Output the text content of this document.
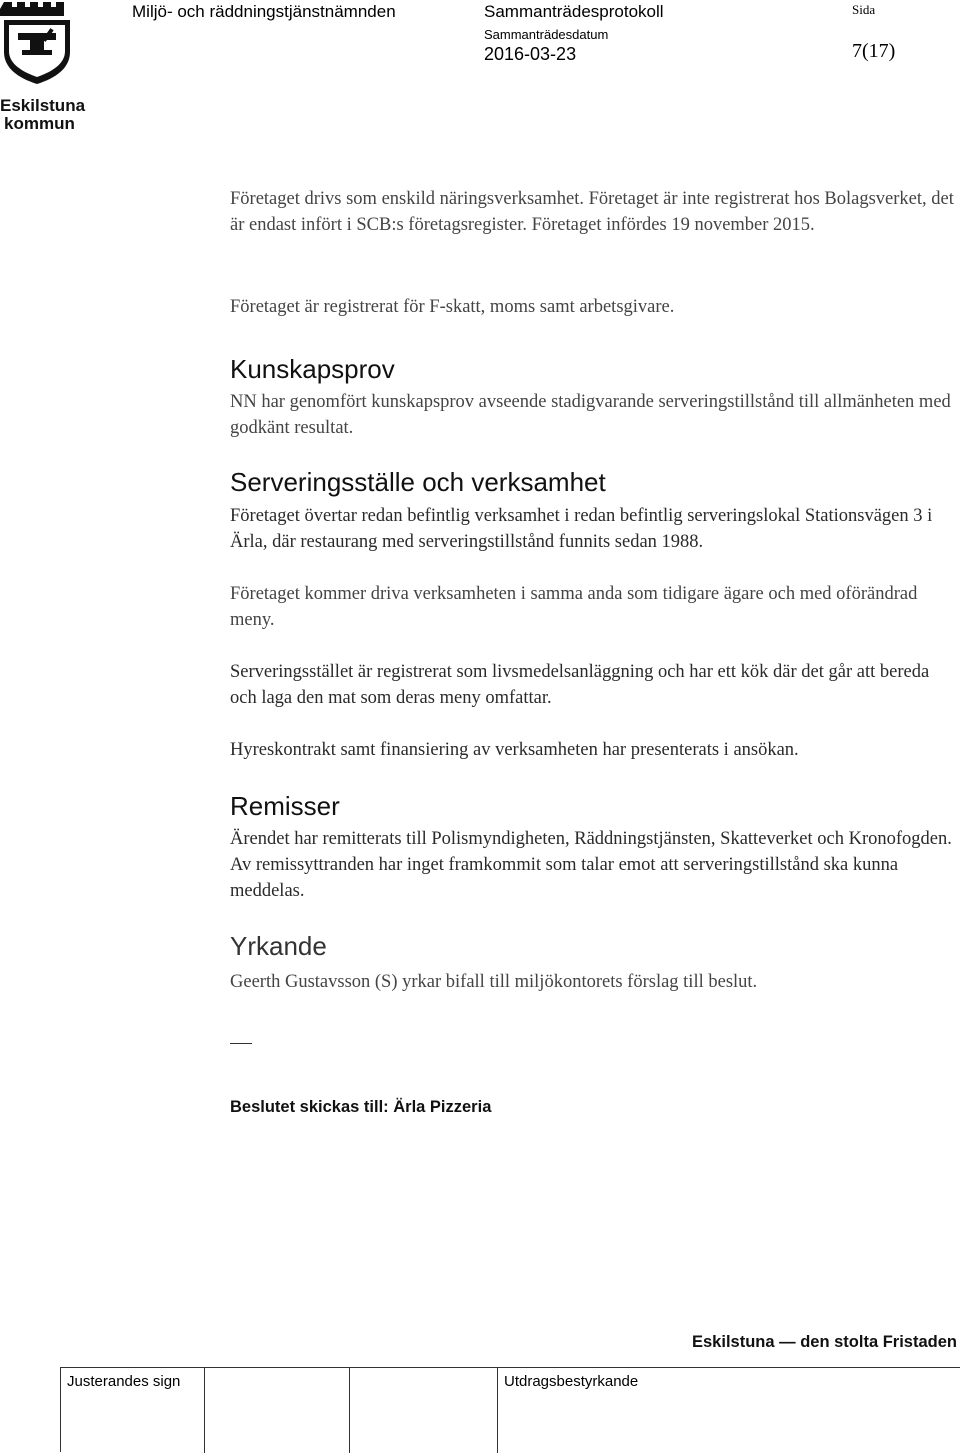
Eskilstuna
kommun
Miljö- och räddningstjänstnämnden	Sammanträdesprotokoll
Sammanträdesdatum
2016-03-23
Sida
7(17)
Företaget drivs som enskild näringsverksamhet. Företaget är inte registrerat hos Bolagsverket, det är endast infört i SCB:s företagsregister. Företaget infördes 19 november 2015.
Företaget är registrerat för F-skatt, moms samt arbetsgivare.
Kunskapsprov
NN har genomfört kunskapsprov avseende stadigvarande serveringstillstånd till allmänheten med godkänt resultat.
Serveringsställe och verksamhet
Företaget övertar redan befintlig verksamhet i redan befintlig serveringslokal Stationsvägen 3 i Ärla, där restaurang med serveringstillstånd funnits sedan 1988.
Företaget kommer driva verksamheten i samma anda som tidigare ägare och med oförändrad meny.
Serveringsstället är registrerat som livsmedelsanläggning och har ett kök där det går att bereda och laga den mat som deras meny omfattar.
Hyreskontrakt samt finansiering av verksamheten har presenterats i ansökan.
Remisser
Ärendet har remitterats till Polismyndigheten, Räddningstjänsten, Skatteverket och Kronofogden. Av remissyttranden har inget framkommit som talar emot att serveringstillstånd ska kunna meddelas.
Yrkande
Geerth Gustavsson (S) yrkar bifall till miljökontorets förslag till beslut.
Beslutet skickas till: Ärla Pizzeria
Eskilstuna — den stolta Fristaden
Justerandes sign	Utdragsbestyrkande
